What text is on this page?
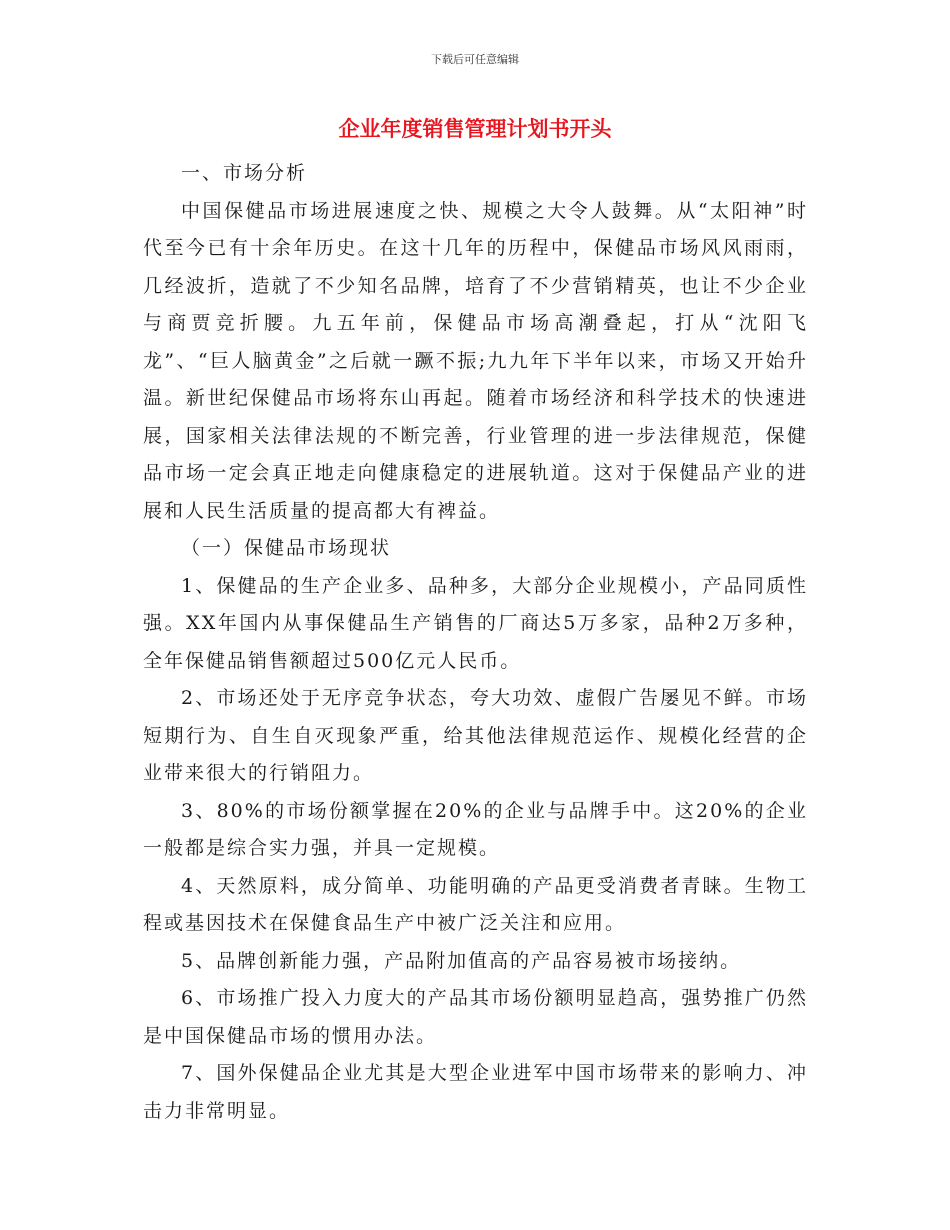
下载后可任意编辑
企业年度销售管理计划书开头

一、市场分析

中国保健品市场进展速度之快、规模之大令人鼓舞。从“太阳神”时代至今已有十余年历史。在这十几年的历程中，保健品市场风风雨雨，几经波折，造就了不少知名品牌，培育了不少营销精英，也让不少企业与商贾竞折腰。九五年前，保健品市场高潮叠起，打从“沈阳飞龙”、“巨人脑黄金”之后就一蹶不振;九九年下半年以来，市场又开始升温。新世纪保健品市场将东山再起。随着市场经济和科学技术的快速进展，国家相关法律法规的不断完善，行业管理的进一步法律规范，保健品市场一定会真正地走向健康稳定的进展轨道。这对于保健品产业的进展和人民生活质量的提高都大有裨益。

（一）保健品市场现状

1、保健品的生产企业多、品种多，大部分企业规模小，产品同质性强。XX年国内从事保健品生产销售的厂商达5万多家，品种2万多种，全年保健品销售额超过500亿元人民币。

2、市场还处于无序竞争状态，夸大功效、虚假广告屡见不鲜。市场短期行为、自生自灭现象严重，给其他法律规范运作、规模化经营的企业带来很大的行销阻力。

3、80%的市场份额掌握在20%的企业与品牌手中。这20%的企业一般都是综合实力强，并具一定规模。

4、天然原料，成分简单、功能明确的产品更受消费者青睐。生物工程或基因技术在保健食品生产中被广泛关注和应用。

5、品牌创新能力强，产品附加值高的产品容易被市场接纳。

6、市场推广投入力度大的产品其市场份额明显趋高，强势推广仍然是中国保健品市场的惯用办法。

7、国外保健品企业尤其是大型企业进军中国市场带来的影响力、冲击力非常明显。
